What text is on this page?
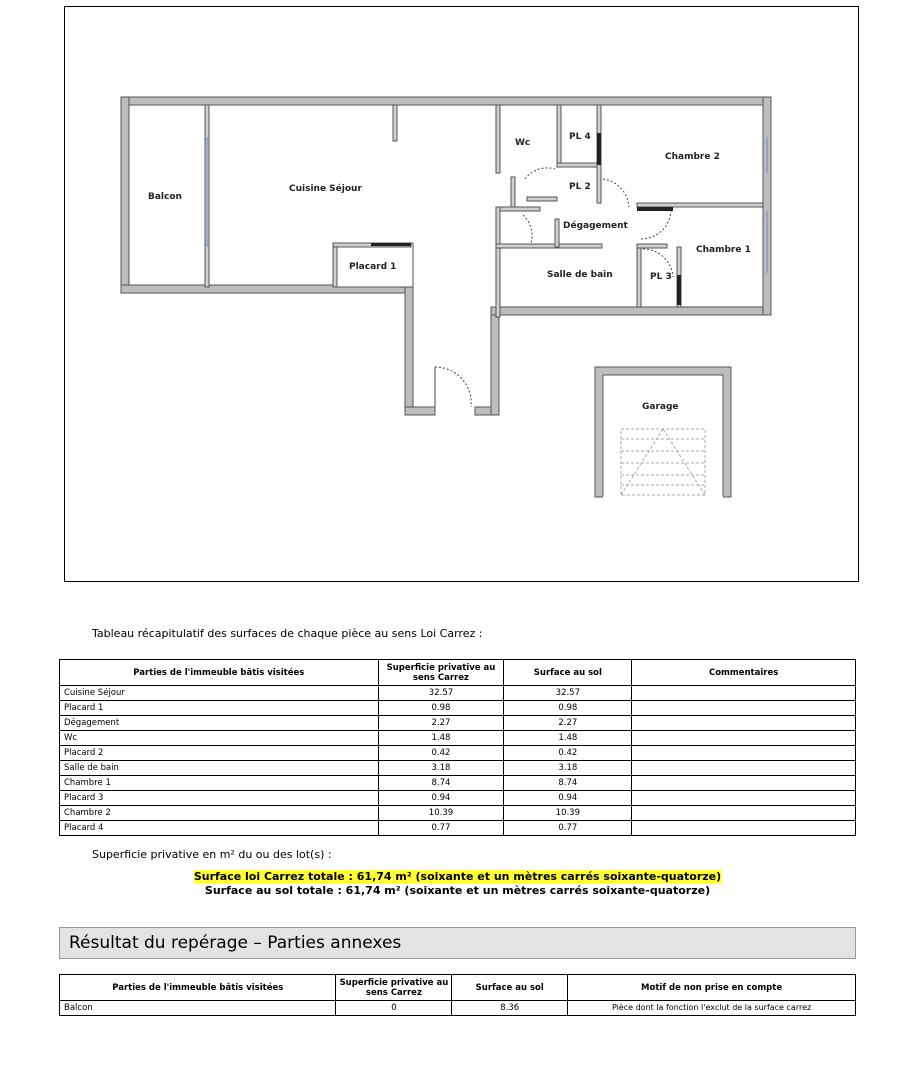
Balcon
Cuisine Séjour
Placard 1
Wc
PL 4
PL 2
Chambre 2
Dégagement
Chambre 1
Salle de bain	PL 3
Garage
Tableau récapitulatif des surfaces de chaque pièce au sens Loi Carrez :
Parties de l'immeuble bâtis visitées	Superficie privative au sens Carrez	Surface au sol	Commentaires
Cuisine Séjour	32.57	32.57	
Placard 1	0.98	0.98	
Dégagement	2.27	2.27	
Wc	1.48	1.48	
Placard 2	0.42	0.42	
Salle de bain	3.18	3.18	
Chambre 1	8.74	8.74	
Placard 3	0.94	0.94	
Chambre 2	10.39	10.39	
Placard 4	0.77	0.77	
Superficie privative en m² du ou des lot(s) :
Surface loi Carrez totale : 61,74 m² (soixante et un mètres carrés soixante-quatorze)
Surface au sol totale : 61,74 m² (soixante et un mètres carrés soixante-quatorze)
Résultat du repérage – Parties annexes
Parties de l'immeuble bâtis visitées	Superficie privative au sens Carrez	Surface au sol	Motif de non prise en compte
Balcon	0	8.36	Pièce dont la fonction l'exclut de la surface carrez
